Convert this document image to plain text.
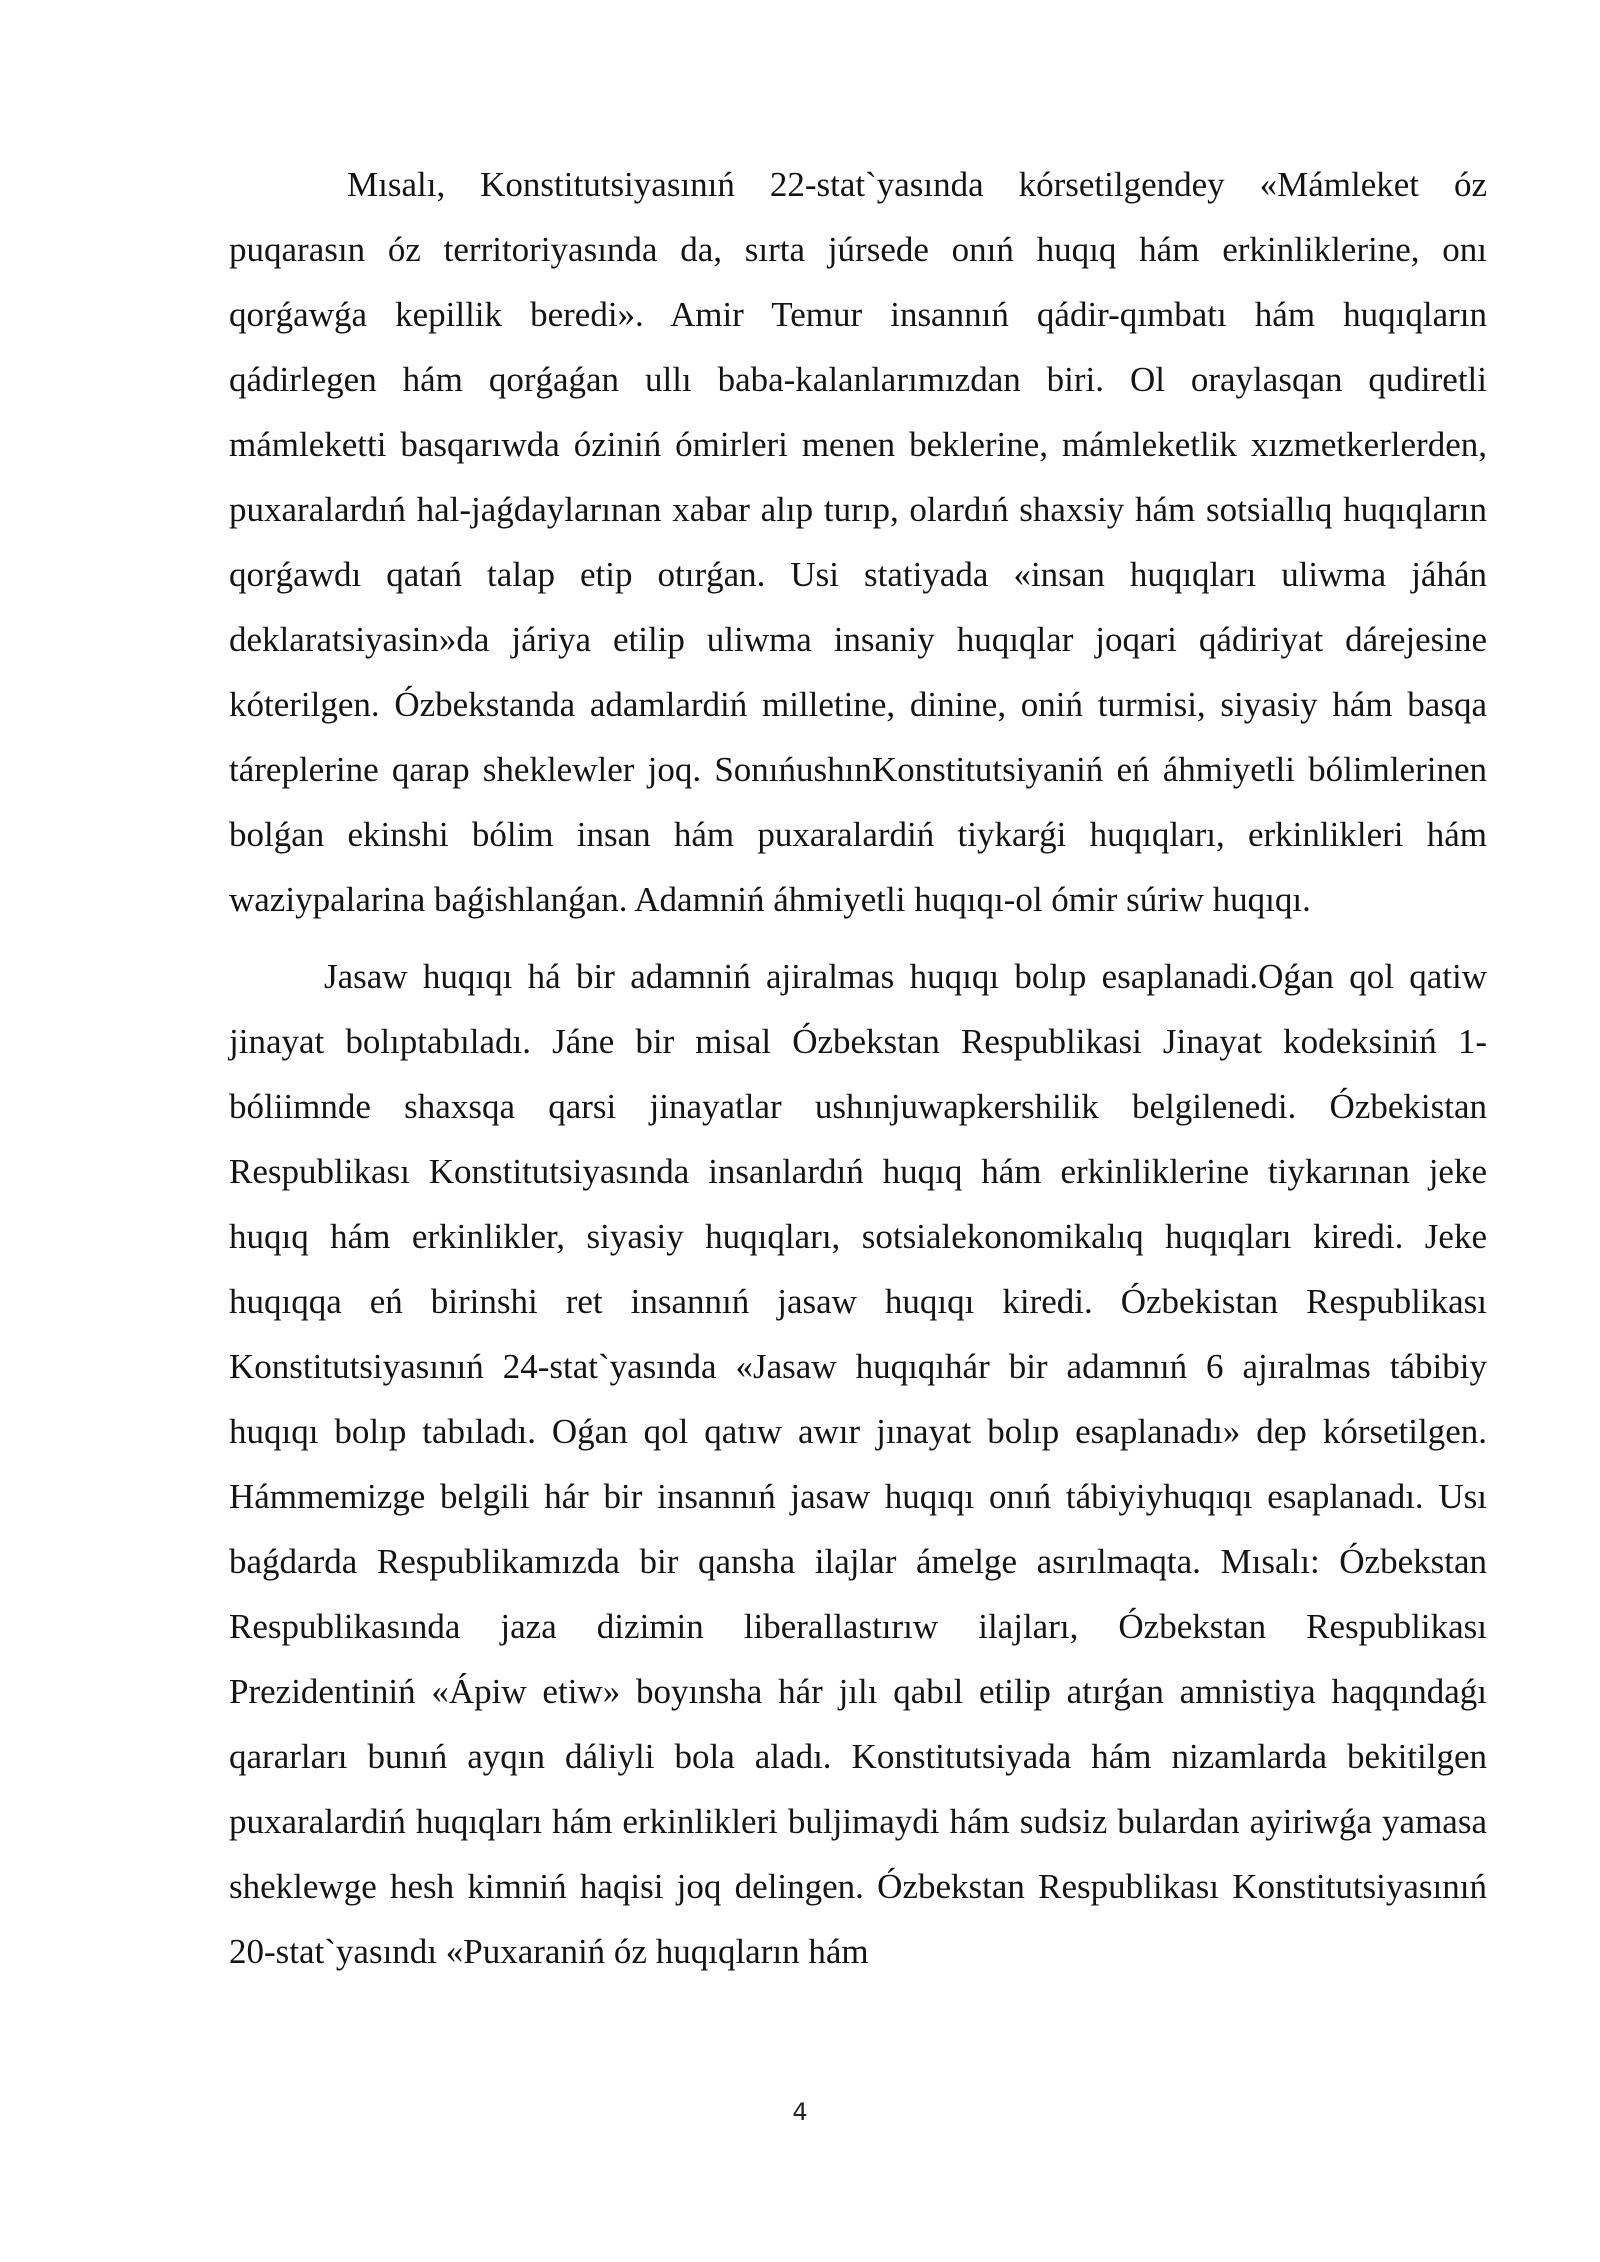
Mısalı, Konstitutsiyasınıń 22-stat`yasında kórsetilgendey «Mámleket óz puqarasın óz territoriyasında da, sırta júrsede onıń huqıq hám erkinliklerine, onı qorǵawǵa kepillik beredi». Amir Temur insannıń qádir-qımbatı hám huqıqların qádirlegen hám qorǵaǵan ullı baba-kalanlarımızdan biri. Ol oraylasqan qudiretli mámleketti basqarıwda óziniń ómirleri menen beklerine, mámleketlik xızmetkerlerden, puxaralardıń hal-jaǵdaylarınan xabar alıp turıp, olardıń shaxsiy hám sotsiallıq huqıqların qorǵawdı qatań talap etip otırǵan. Usi statiyada «insan huqıqları uliwma jáhán deklaratsiyasin»da járiya etilip uliwma insaniy huqıqlar joqari qádiriyat dárejesine kóterilgen. Ózbekstanda adamlardiń milletine, dinine, oniń turmisi, siyasiy hám basqa táreplerine qarap sheklewler joq. SonıńushınKonstitutsiyaniń eń áhmiyetli bólimlerinen bolǵan ekinshi bólim insan hám puxaralardiń tiykarǵi huqıqları, erkinlikleri hám waziypalarina baǵishlanǵan. Adamniń áhmiyetli huqıqı-ol ómir súriw huqıqı.

Jasaw huqıqı há bir adamniń ajiralmas huqıqı bolıp esaplanadi.Oǵan qol qatiw jinayat bolıptabıladı. Jáne bir misal Ózbekstan Respublikasi Jinayat kodeksiniń 1-bóliimnde shaxsqa qarsi jinayatlar ushınjuwapkershilik belgilenedi. Ózbekistan Respublikası Konstitutsiyasında insanlardıń huqıq hám erkinliklerine tiykarınan jeke huqıq hám erkinlikler, siyasiy huqıqları, sotsialekonomikalıq huqıqları kiredi. Jeke huqıqqa eń birinshi ret insannıń jasaw huqıqı kiredi. Ózbekistan Respublikası Konstitutsiyasınıń 24-stat`yasında «Jasaw huqıqıhár bir adamnıń 6 ajıralmas tábibiy huqıqı bolıp tabıladı. Oǵan qol qatıw awır jınayat bolıp esaplanadı» dep kórsetilgen. Hámmemizge belgili hár bir insannıń jasaw huqıqı onıń tábiyiyhuqıqı esaplanadı. Usı baǵdarda Respublikamızda bir qansha ilajlar ámelge asırılmaqta. Mısalı: Ózbekstan Respublikasında jaza dizimin liberallastırıw ilajları, Ózbekstan Respublikası Prezidentiniń «Ápiw etiw» boyınsha hár jılı qabıl etilip atırǵan amnistiya haqqındaǵı qararları bunıń ayqın dáliyli bola aladı. Konstitutsiyada hám nizamlarda bekitilgen puxaralardiń huqıqları hám erkinlikleri buljimaydi hám sudsiz bulardan ayiriwǵa yamasa sheklewge hesh kimniń haqisi joq delingen. Ózbekstan Respublikası Konstitutsiyasınıń 20-stat`yasındı «Puxaraniń óz huqıqların hám

4
